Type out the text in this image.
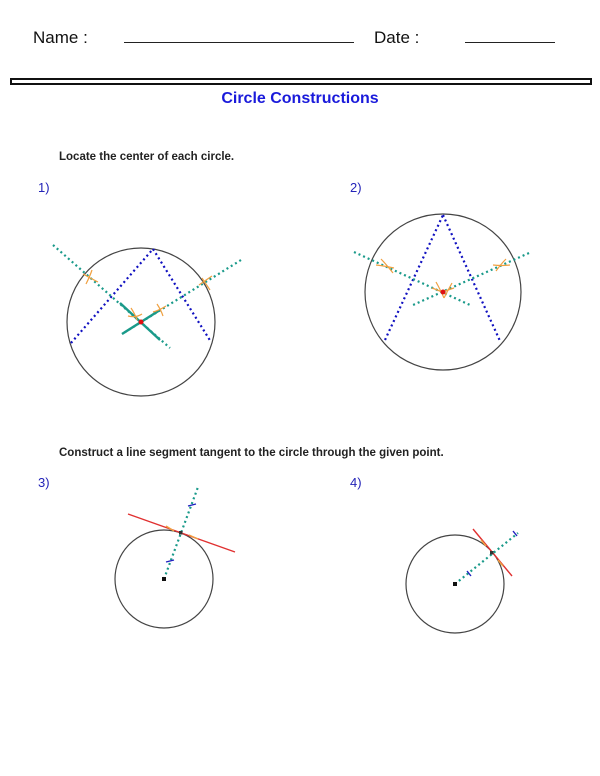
Name :	Date :
Circle Constructions
Locate the center of each circle.
1)	2)
Construct a line segment tangent to the circle through the given point.
3)	4)
